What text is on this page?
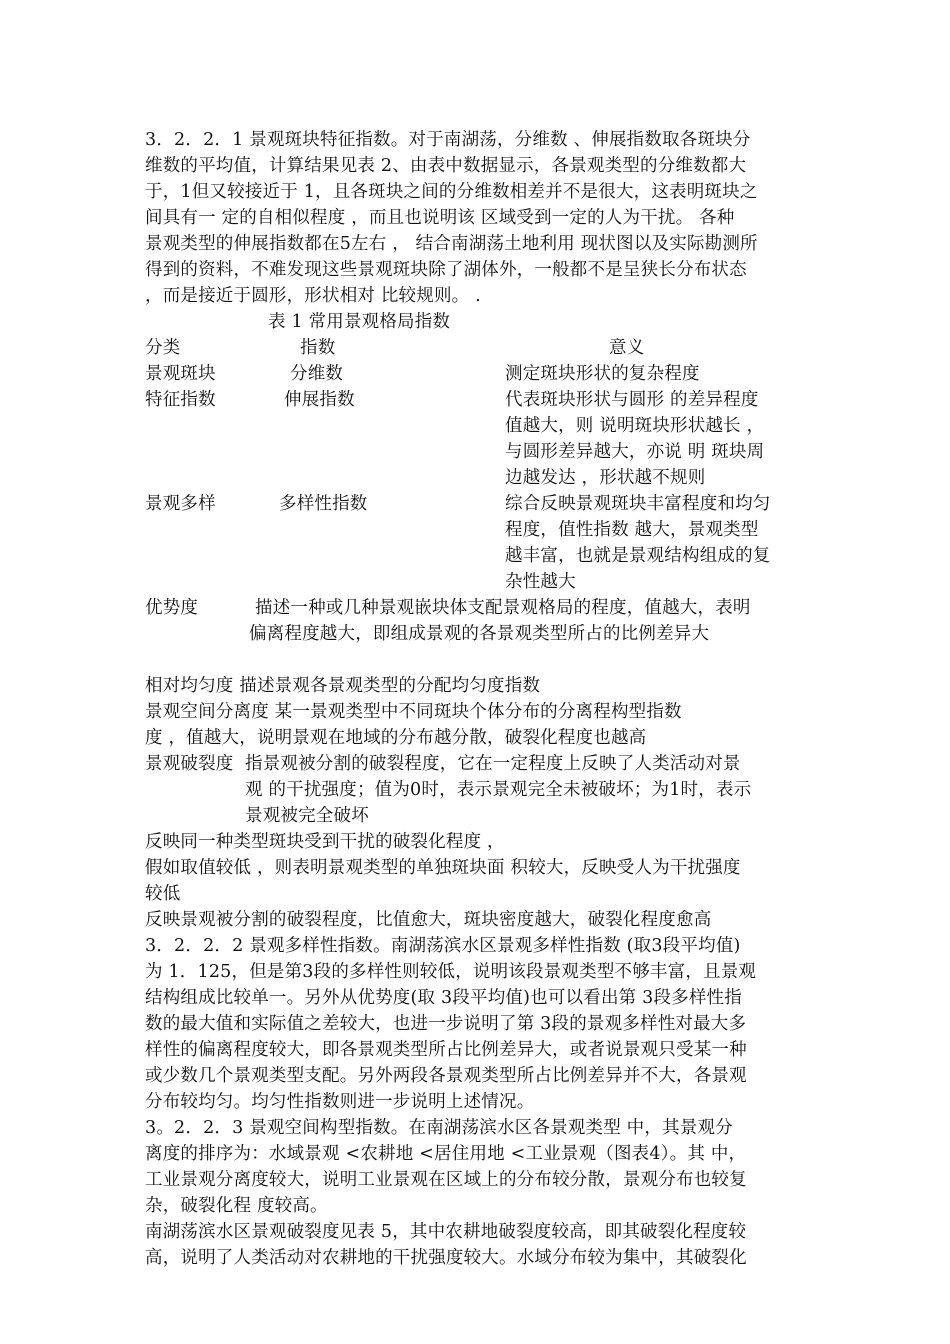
3．2．2．1 景观斑块特征指数。对于南湖荡，分维数 、伸展指数取各斑块分
维数的平均值，计算结果见表 2、由表中数据显示，各景观类型的分维数都大
于，1但又较接近于 1，且各斑块之间的分维数相差并不是很大，这表明斑块之
间具有一 定的自相似程度 ，而且也说明该 区域受到一定的人为干扰。 各种
景观类型的伸展指数都在5左右 ， 结合南湖荡土地利用 现状图以及实际勘测所
得到的资料，不难发现这些景观斑块除了湖体外，一般都不是呈狭长分布状态
，而是接近于圆形，形状相对 比较规则。 .
表 1 常用景观格局指数
分类	指数	意义
景观斑块	分维数	测定斑块形状的复杂程度
特征指数	伸展指数	代表斑块形状与圆形 的差异程度
值越大，则 说明斑块形状越长 ，
与圆形差异越大，亦说 明 斑块周
边越发达 ，形状越不规则
景观多样	多样性指数	综合反映景观斑块丰富程度和均匀
程度，值性指数 越大，景观类型
越丰富，也就是景观结构组成的复
杂性越大
优势度	描述一种或几种景观嵌块体支配景观格局的程度，值越大，表明
偏离程度越大，即组成景观的各景观类型所占的比例差异大
相对均匀度 描述景观各景观类型的分配均匀度指数
景观空间分离度 某一景观类型中不同斑块个体分布的分离程构型指数
度 ，值越大，说明景观在地域的分布越分散，破裂化程度也越高
景观破裂度 指景观被分割的破裂程度，它在一定程度上反映了人类活动对景
观 的干扰强度；值为0时，表示景观完全未被破坏；为1时，表示
景观被完全破坏
反映同一种类型斑块受到干扰的破裂化程度 ，
假如取值较低 ，则表明景观类型的单独斑块面 积较大，反映受人为干扰强度
较低
反映景观被分割的破裂程度，比值愈大，斑块密度越大，破裂化程度愈高
3．2．2．2 景观多样性指数。南湖荡滨水区景观多样性指数 (取3段平均值)
为 1．125，但是第3段的多样性则较低，说明该段景观类型不够丰富，且景观
结构组成比较单一。另外从优势度(取 3段平均值)也可以看出第 3段多样性指
数的最大值和实际值之差较大，也进一步说明了第 3段的景观多样性对最大多
样性的偏离程度较大，即各景观类型所占比例差异大，或者说景观只受某一种
或少数几个景观类型支配。另外两段各景观类型所占比例差异并不大，各景观
分布较均匀。均匀性指数则进一步说明上述情况。
3。2．2．3 景观空间构型指数。在南湖荡滨水区各景观类型 中，其景观分
离度的排序为：水域景观 <农耕地 <居住用地 <工业景观（图表4）。其 中，
工业景观分离度较大，说明工业景观在区域上的分布较分散，景观分布也较复
杂，破裂化程 度较高。
南湖荡滨水区景观破裂度见表 5，其中农耕地破裂度较高，即其破裂化程度较
高，说明了人类活动对农耕地的干扰强度较大。水域分布较为集中，其破裂化
